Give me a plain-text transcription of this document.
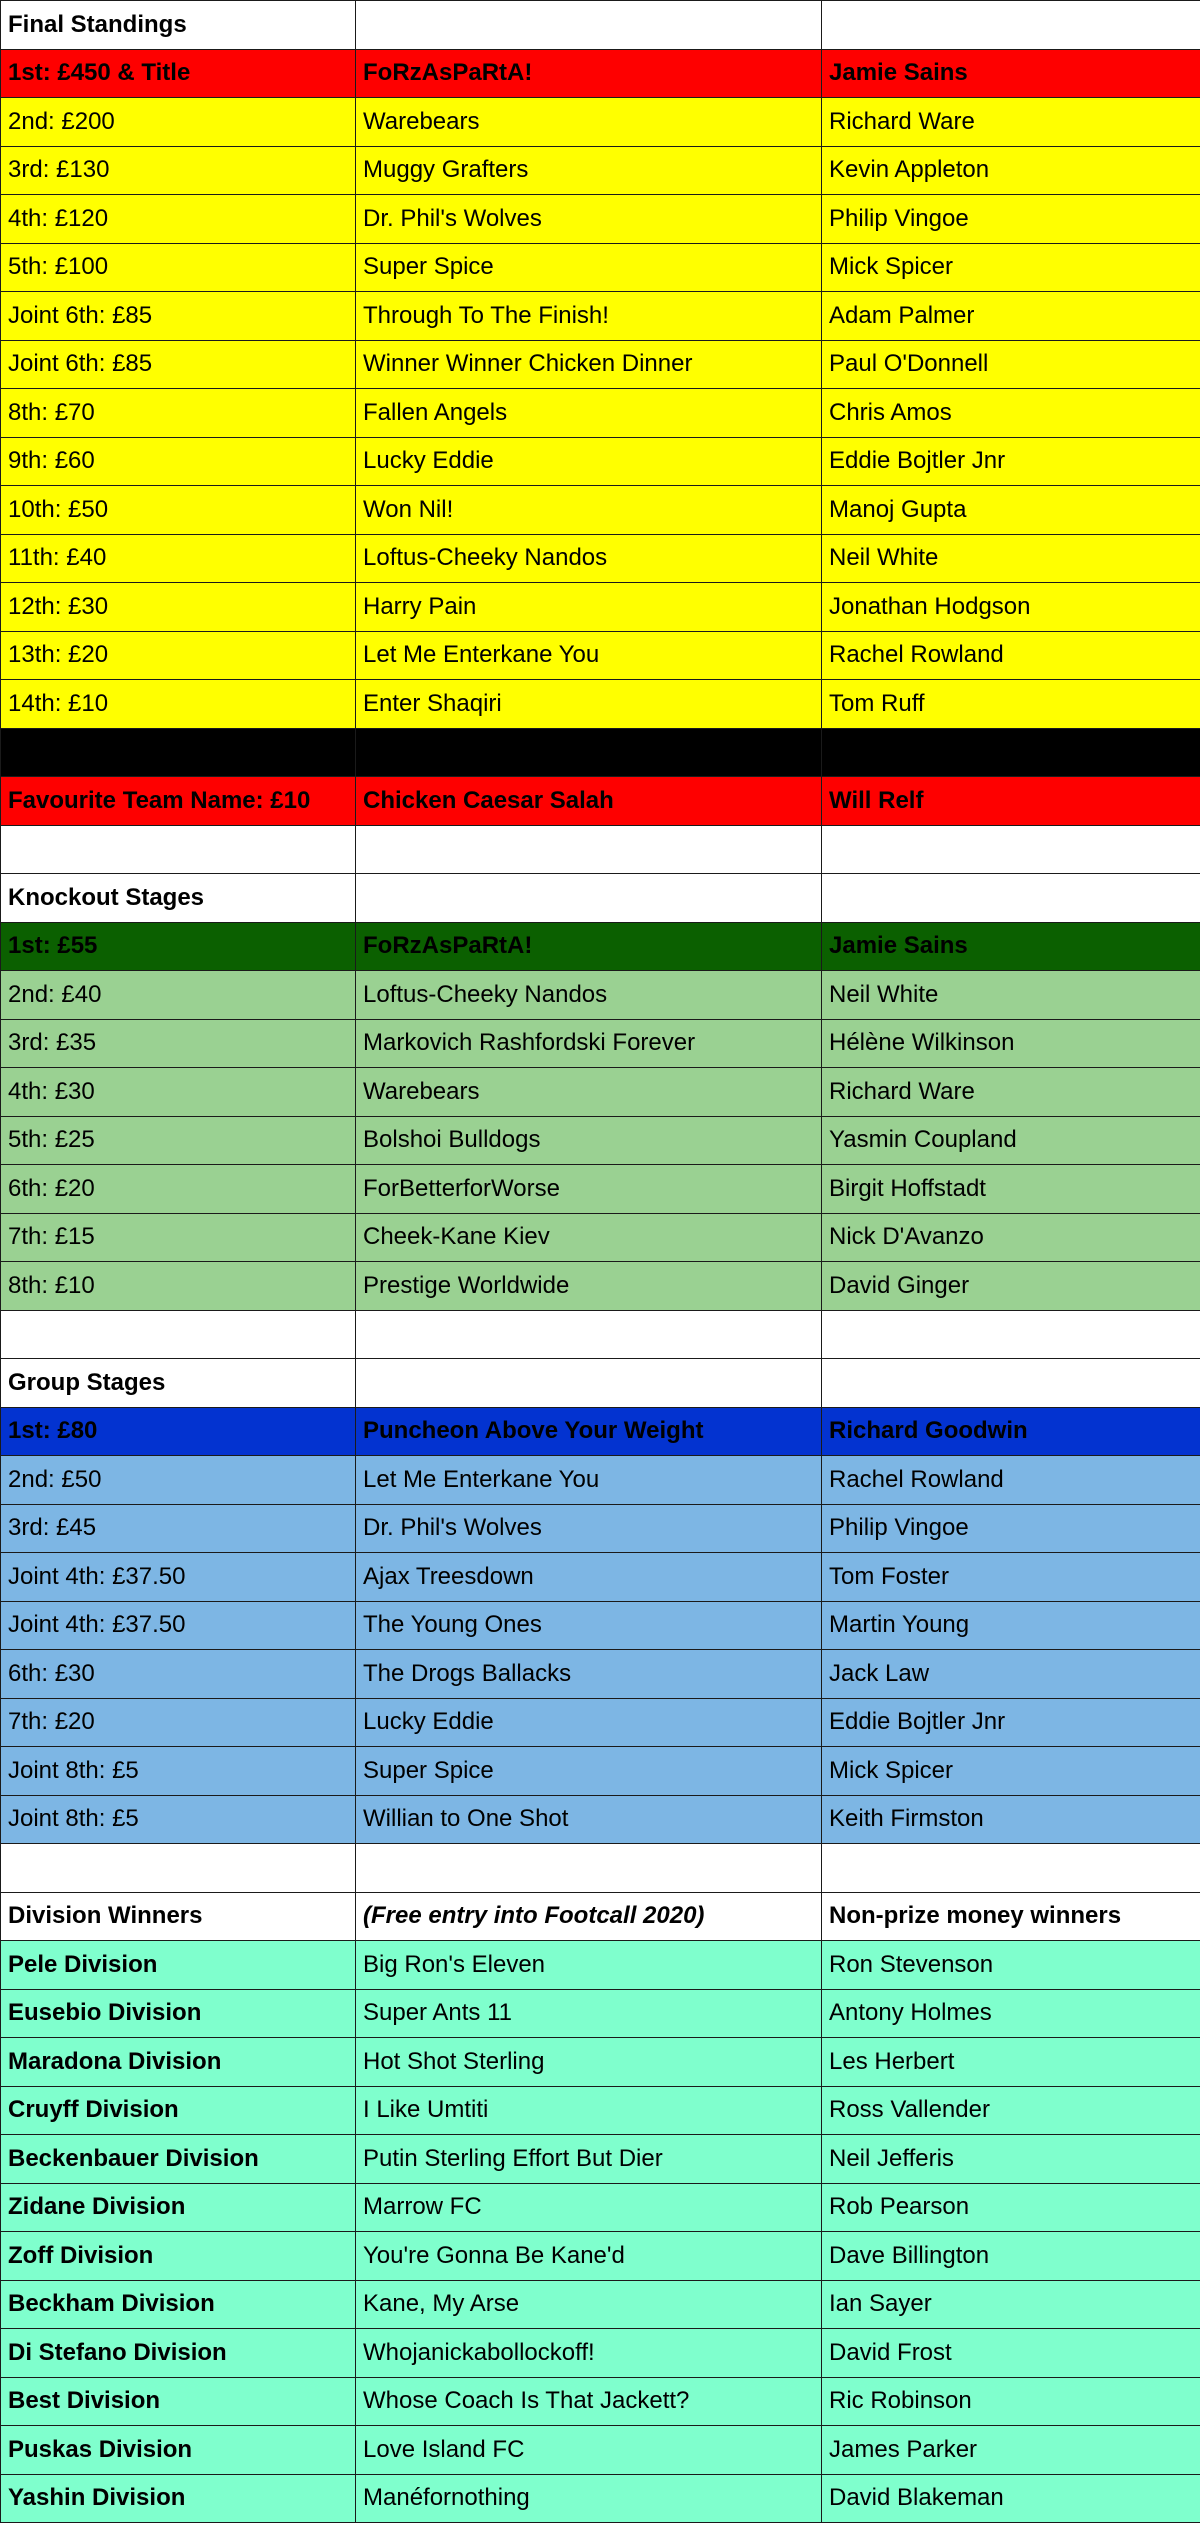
Final Standings		
1st: £450 & Title	FoRzAsPaRtA!	Jamie Sains
2nd: £200	Warebears	Richard Ware
3rd: £130	Muggy Grafters	Kevin Appleton
4th: £120	Dr. Phil's Wolves	Philip Vingoe
5th: £100	Super Spice	Mick Spicer
Joint 6th: £85	Through To The Finish!	Adam Palmer
Joint 6th: £85	Winner Winner Chicken Dinner	Paul O'Donnell
8th: £70	Fallen Angels	Chris Amos
9th: £60	Lucky Eddie	Eddie Bojtler Jnr
10th: £50	Won Nil!	Manoj Gupta
11th: £40	Loftus-Cheeky Nandos	Neil White
12th: £30	Harry Pain	Jonathan Hodgson
13th: £20	Let Me Enterkane You	Rachel Rowland
14th: £10	Enter Shaqiri	Tom Ruff
Last (271st): Vuvuzela	FC KGB	Jamie Marshall & Ian Pope
Favourite Team Name: £10	Chicken Caesar Salah	Will Relf

Knockout Stages		
1st: £55	FoRzAsPaRtA!	Jamie Sains
2nd: £40	Loftus-Cheeky Nandos	Neil White
3rd: £35	Markovich Rashfordski Forever	Hélène Wilkinson
4th: £30	Warebears	Richard Ware
5th: £25	Bolshoi Bulldogs	Yasmin Coupland
6th: £20	ForBetterforWorse	Birgit Hoffstadt
7th: £15	Cheek-Kane Kiev	Nick D'Avanzo
8th: £10	Prestige Worldwide	David Ginger

Group Stages		
1st: £80	Puncheon Above Your Weight	Richard Goodwin
2nd: £50	Let Me Enterkane You	Rachel Rowland
3rd: £45	Dr. Phil's Wolves	Philip Vingoe
Joint 4th: £37.50	Ajax Treesdown	Tom Foster
Joint 4th: £37.50	The Young Ones	Martin Young
6th: £30	The Drogs Ballacks	Jack Law
7th: £20	Lucky Eddie	Eddie Bojtler Jnr
Joint 8th: £5	Super Spice	Mick Spicer
Joint 8th: £5	Willian to One Shot	Keith Firmston

Division Winners	(Free entry into Footcall 2020)	Non-prize money winners
Pele Division	Big Ron's Eleven	Ron Stevenson
Eusebio Division	Super Ants 11	Antony Holmes
Maradona Division	Hot Shot Sterling	Les Herbert
Cruyff Division	I Like Umtiti	Ross Vallender
Beckenbauer Division	Putin Sterling Effort But Dier	Neil Jefferis
Zidane Division	Marrow FC	Rob Pearson
Zoff Division	You're Gonna Be Kane'd	Dave Billington
Beckham Division	Kane, My Arse	Ian Sayer
Di Stefano Division	Whojanickabollockoff!	David Frost
Best Division	Whose Coach Is That Jackett?	Ric Robinson
Puskas Division	Love Island FC	James Parker
Yashin Division	Manéfornothing	David Blakeman
